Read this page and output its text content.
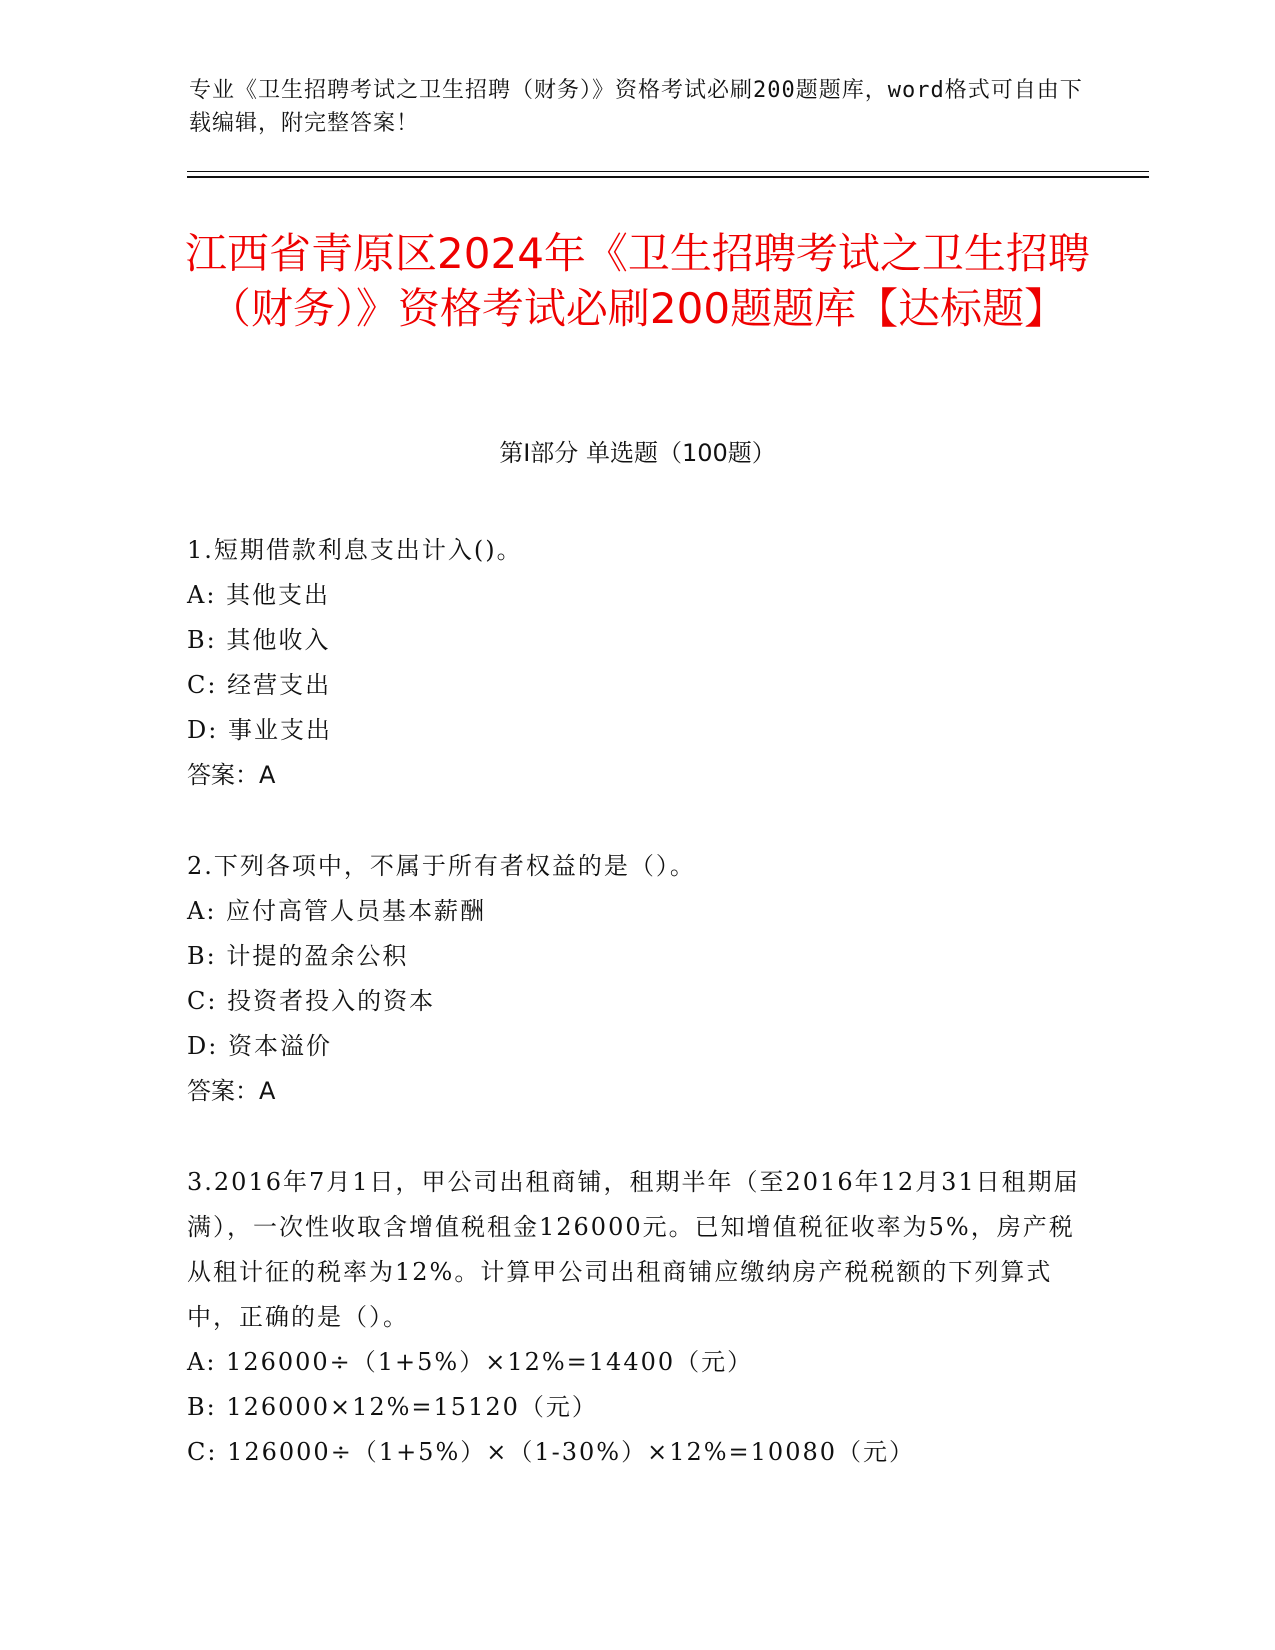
专业《卫生招聘考试之卫生招聘（财务）》资格考试必刷200题题库，word格式可自由下载编辑，附完整答案！
江西省青原区2024年《卫生招聘考试之卫生招聘（财务）》资格考试必刷200题题库【达标题】
第I部分 单选题（100题）
1.短期借款利息支出计入()。
A: 其他支出
B: 其他收入
C: 经营支出
D: 事业支出
答案：A
2.下列各项中，不属于所有者权益的是（）。
A: 应付高管人员基本薪酬
B: 计提的盈余公积
C: 投资者投入的资本
D: 资本溢价
答案：A
3.2016年7月1日，甲公司出租商铺，租期半年（至2016年12月31日租期届满），一次性收取含增值税租金126000元。已知增值税征收率为5%，房产税从租计征的税率为12%。计算甲公司出租商铺应缴纳房产税税额的下列算式中，正确的是（）。
A: 126000÷（1+5%）×12%=14400（元）
B: 126000×12%=15120（元）
C: 126000÷（1+5%）×（1-30%）×12%=10080（元）
